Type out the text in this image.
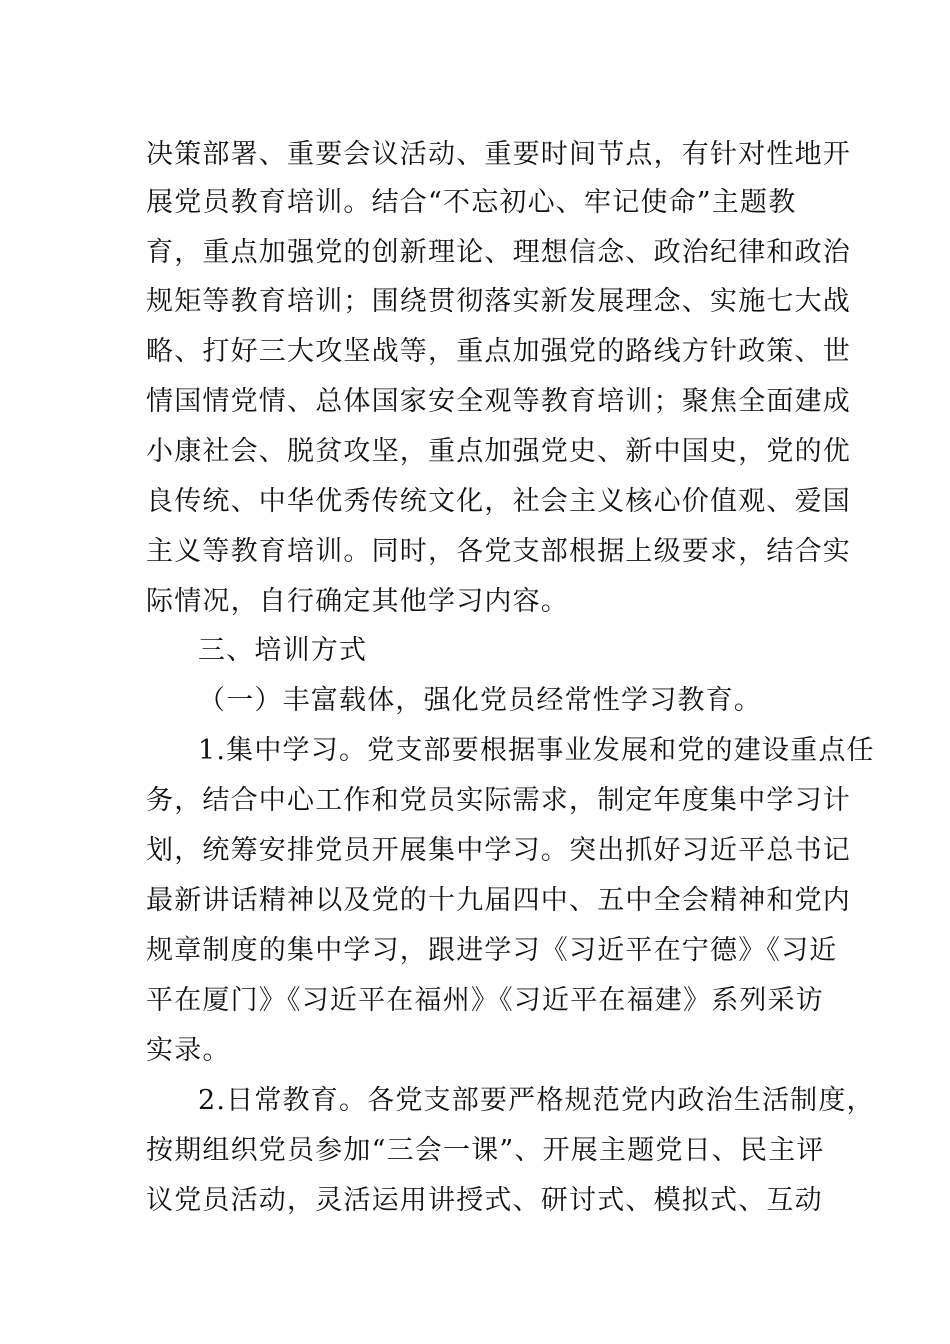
决策部署、重要会议活动、重要时间节点，有针对性地开
展党员教育培训。结合“不忘初心、牢记使命”主题教
育，重点加强党的创新理论、理想信念、政治纪律和政治
规矩等教育培训；围绕贯彻落实新发展理念、实施七大战
略、打好三大攻坚战等，重点加强党的路线方针政策、世
情国情党情、总体国家安全观等教育培训；聚焦全面建成
小康社会、脱贫攻坚，重点加强党史、新中国史，党的优
良传统、中华优秀传统文化，社会主义核心价值观、爱国
主义等教育培训。同时，各党支部根据上级要求，结合实
际情况，自行确定其他学习内容。
三、培训方式
（一）丰富载体，强化党员经常性学习教育。
1.集中学习。党支部要根据事业发展和党的建设重点任
务，结合中心工作和党员实际需求，制定年度集中学习计
划，统筹安排党员开展集中学习。突出抓好习近平总书记
最新讲话精神以及党的十九届四中、五中全会精神和党内
规章制度的集中学习，跟进学习《习近平在宁德》《习近
平在厦门》《习近平在福州》《习近平在福建》系列采访
实录。
2.日常教育。各党支部要严格规范党内政治生活制度，
按期组织党员参加“三会一课”、开展主题党日、民主评
议党员活动，灵活运用讲授式、研讨式、模拟式、互动
